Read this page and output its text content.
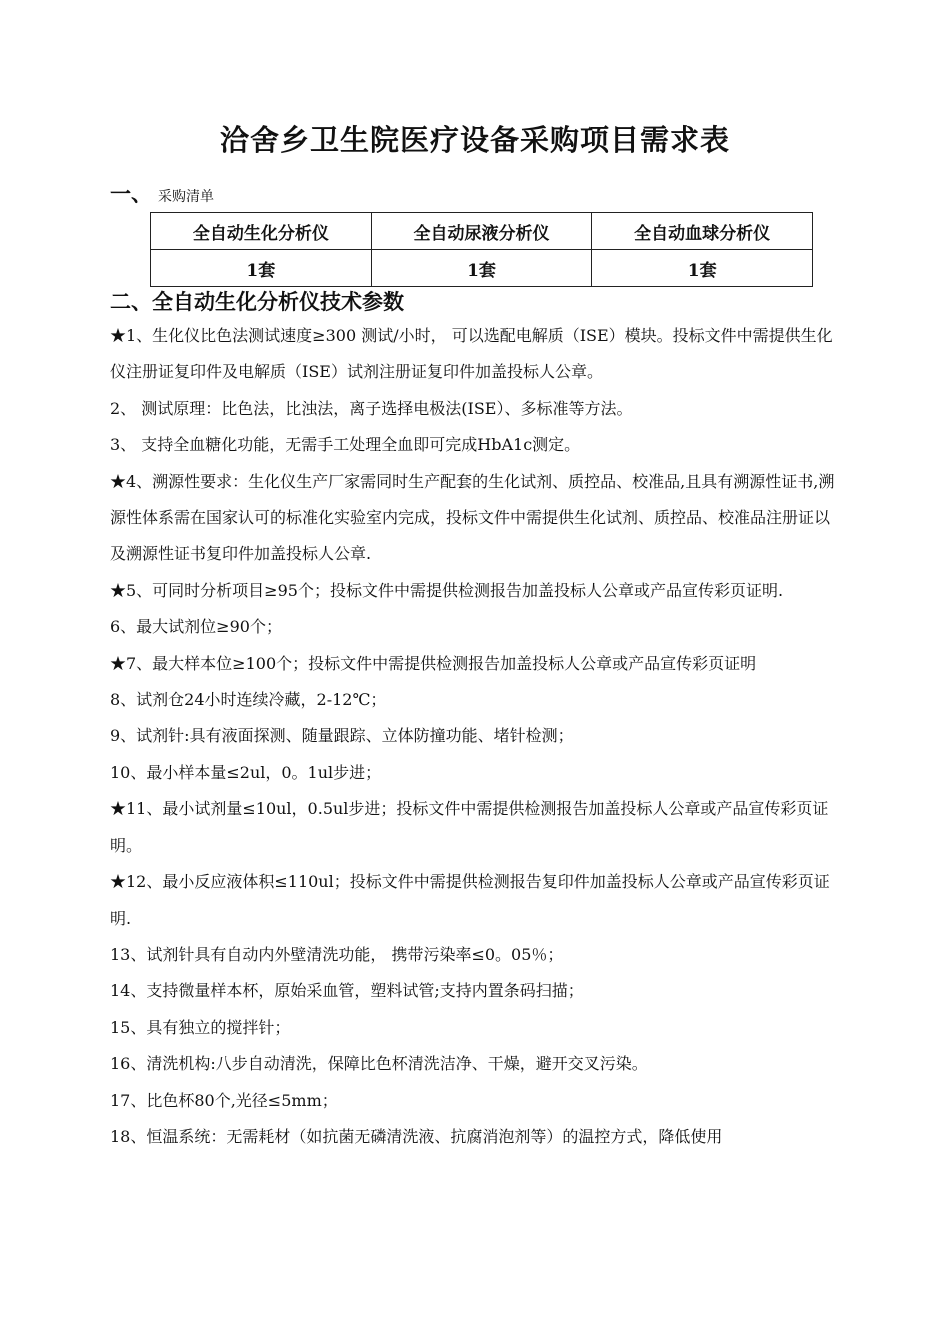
洽舍乡卫生院医疗设备采购项目需求表
一、 采购清单
全自动生化分析仪	全自动尿液分析仪	全自动血球分析仪
1套	1套	1套
二、全自动生化分析仪技术参数

★1、生化仪比色法测试速度≥300 测试/小时， 可以选配电解质（ISE）模块。投标文件中需提供生化仪注册证复印件及电解质（ISE）试剂注册证复印件加盖投标人公章。

2、 测试原理：比色法，比浊法，离子选择电极法(ISE）、多标准等方法。

3、 支持全血糖化功能，无需手工处理全血即可完成HbA1c测定。

★4、溯源性要求：生化仪生产厂家需同时生产配套的生化试剂、质控品、校准品,且具有溯源性证书,溯源性体系需在国家认可的标准化实验室内完成，投标文件中需提供生化试剂、质控品、校准品注册证以及溯源性证书复印件加盖投标人公章.

★5、可同时分析项目≥95个；投标文件中需提供检测报告加盖投标人公章或产品宣传彩页证明.

6、最大试剂位≥90个；

★7、最大样本位≥100个；投标文件中需提供检测报告加盖投标人公章或产品宣传彩页证明

8、试剂仓24小时连续冷藏，2-12℃；

9、试剂针:具有液面探测、随量跟踪、立体防撞功能、堵针检测；

10、最小样本量≤2ul，0。1ul步进；

★11、最小试剂量≤10ul，0.5ul步进；投标文件中需提供检测报告加盖投标人公章或产品宣传彩页证明。

★12、最小反应液体积≤110ul；投标文件中需提供检测报告复印件加盖投标人公章或产品宣传彩页证明.

13、试剂针具有自动内外壁清洗功能， 携带污染率≤0。05％；

14、支持微量样本杯，原始采血管，塑料试管;支持内置条码扫描；

15、具有独立的搅拌针；

16、清洗机构:八步自动清洗，保障比色杯清洗洁净、干燥，避开交叉污染。

17、比色杯80个,光径≤5mm；

18、恒温系统：无需耗材（如抗菌无磷清洗液、抗腐消泡剂等）的温控方式，降低使用
